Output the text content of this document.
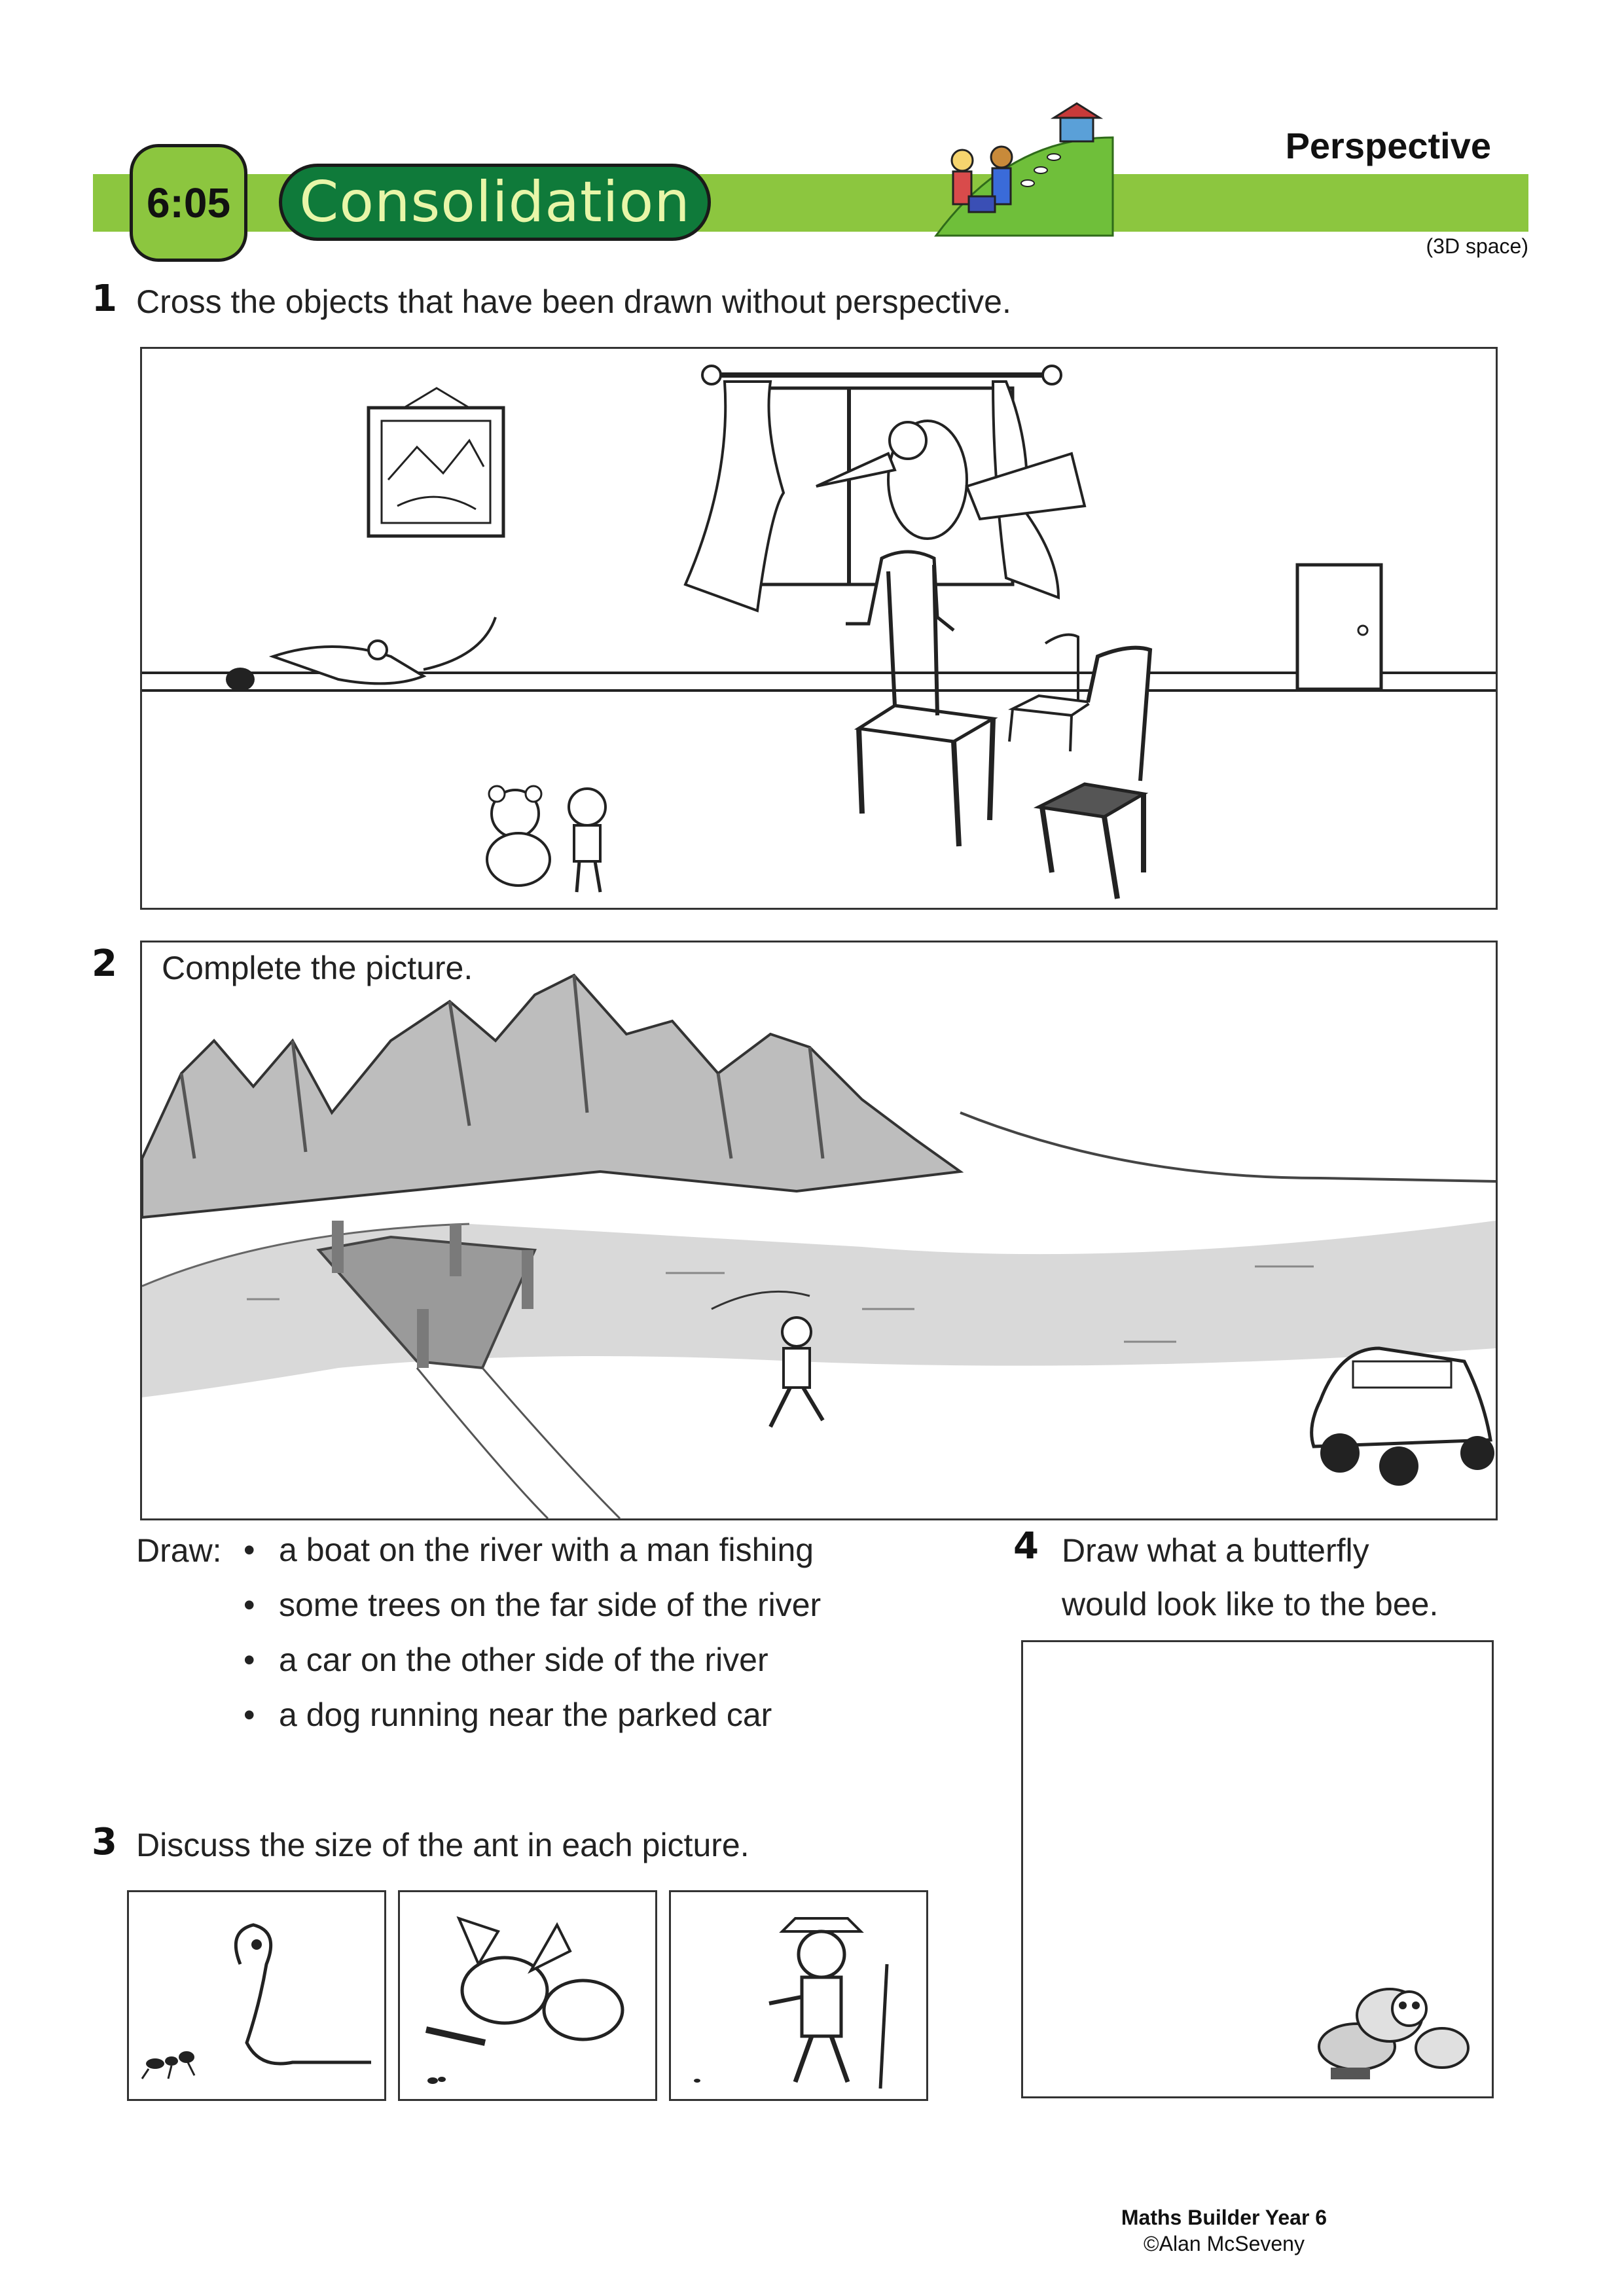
6:05 Consolidation
Perspective
(3D space)
1 Cross the objects that have been drawn without perspective.
2 Complete the picture.
Draw:
•	a boat on the river with a man fishing
• some trees on the far side of the river
• a car on the other side of the river
• a dog running near the parked car
3 Discuss the size of the ant in each picture.
4 Draw what a butterfly
would look like to the bee.
Maths Builder Year 6
©Alan McSeveny
